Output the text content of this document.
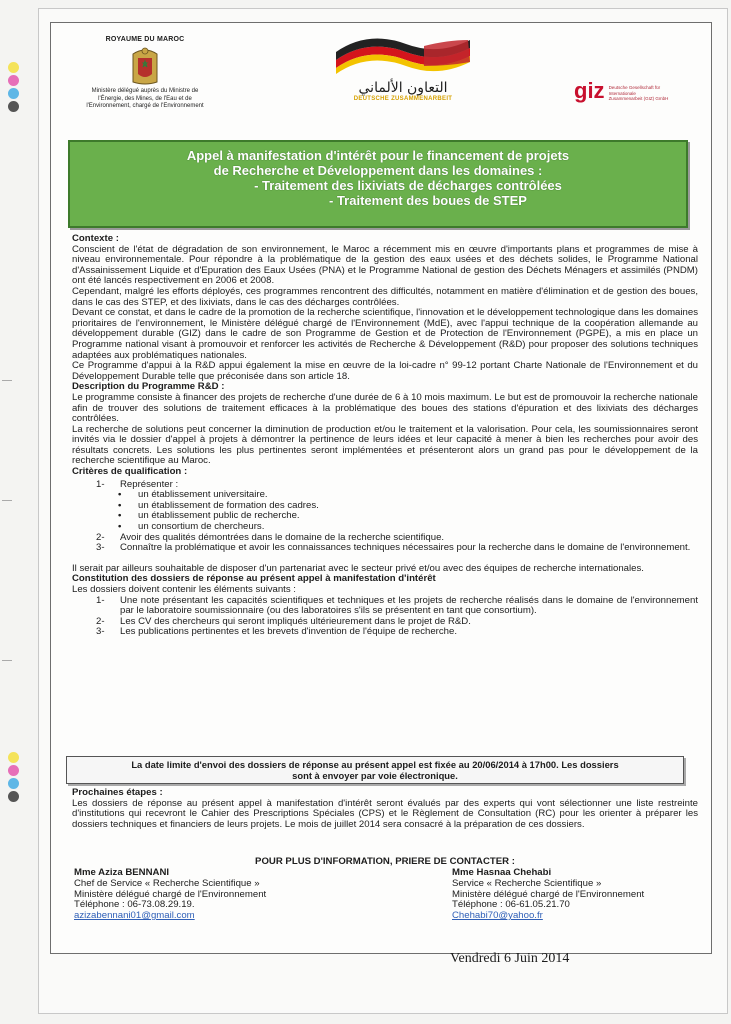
ROYAUME DU MAROC
Ministère délégué auprès du Ministre de l'Énergie, des Mines, de l'Eau et de l'Environnement, chargé de l'Environnement
التعاون الألماني
DEUTSCHE ZUSAMMENARBEIT	giz Deutsche Gesellschaft für Internationale Zusammenarbeit (GIZ) GmbH

Appel à manifestation d'intérêt pour le financement de projets

de Recherche et Développement dans les domaines :

- Traitement des lixiviats de décharges contrôlées

- Traitement des boues de STEP

Contexte :

Conscient de l'état de dégradation de son environnement, le Maroc a récemment mis en œuvre d'importants plans et programmes de mise à niveau environnementale. Pour répondre à la problématique de la gestion des eaux usées et des déchets solides, le Programme National d'Assainissement Liquide et d'Epuration des Eaux Usées (PNA) et le Programme National de gestion des Déchets Ménagers et assimilés (PNDM) ont été lancés respectivement en 2006 et 2008.

Cependant, malgré les efforts déployés, ces programmes rencontrent des difficultés, notamment en matière d'élimination et de gestion des boues, dans le cas des STEP, et des lixiviats, dans le cas des décharges contrôlées.

Devant ce constat, et dans le cadre de la promotion de la recherche scientifique, l'innovation et le développement technologique dans les domaines prioritaires de l'environnement, le Ministère délégué chargé de l'Environnement (MdE), avec l'appui technique de la coopération allemande au développement durable (GIZ) dans le cadre de son Programme de Gestion et de Protection de l'Environnement (PGPE), a mis en place un Programme national visant à promouvoir et renforcer les activités de Recherche & Développement (R&D) pour proposer des solutions techniques adaptées aux problématiques nationales.

Ce Programme d'appui à la R&D appui également la mise en œuvre de la loi-cadre n° 99-12 portant Charte Nationale de l'Environnement et du Développement Durable telle que préconisée dans son article 18.

Description du Programme R&D :

Le programme consiste à financer des projets de recherche d'une durée de 6 à 10 mois maximum. Le but est de promouvoir la recherche nationale afin de trouver des solutions de traitement efficaces à la problématique des boues des stations d'épuration et des lixiviats des décharges contrôlées.

La recherche de solutions peut concerner la diminution de production et/ou le traitement et la valorisation. Pour cela, les soumissionnaires seront invités via le dossier d'appel à projets à démontrer la pertinence de leurs idées et leur capacité à mener à bien les recherches pour avoir des résultats concrets. Les solutions les plus pertinentes seront implémentées et présenteront alors un grand pas pour le développement de la recherche scientifique au Maroc.

Critères de qualification :

1- Représenter :
• un établissement universitaire.
• un établissement de formation des cadres.
• un établissement public de recherche.
• un consortium de chercheurs.
2- Avoir des qualités démontrées dans le domaine de la recherche scientifique.
3- Connaître la problématique et avoir les connaissances techniques nécessaires pour la recherche dans le domaine de l'environnement.

Il serait par ailleurs souhaitable de disposer d'un partenariat avec le secteur privé et/ou avec des équipes de recherche internationales.

Constitution des dossiers de réponse au présent appel à manifestation d'intérêt

Les dossiers doivent contenir les éléments suivants :

1- Une note présentant les capacités scientifiques et techniques et les projets de recherche réalisés dans le domaine de l'environnement par le laboratoire soumissionnaire (ou des laboratoires s'ils se présentent en tant que consortium).
2- Les CV des chercheurs qui seront impliqués ultérieurement dans le projet de R&D.
3- Les publications pertinentes et les brevets d'invention de l'équipe de recherche.
La date limite d'envoi des dossiers de réponse au présent appel est fixée au 20/06/2014 à 17h00. Les dossiers
sont à envoyer par voie électronique.

Prochaines étapes :

Les dossiers de réponse au présent appel à manifestation d'intérêt seront évalués par des experts qui vont sélectionner une liste restreinte d'institutions qui recevront le Cahier des Prescriptions Spéciales (CPS) et le Règlement de Consultation (RC) pour les orienter à préparer les dossiers techniques et financiers de leurs projets. Le mois de juillet 2014 sera consacré à la préparation de ces dossiers.

POUR PLUS D'INFORMATION, PRIERE DE CONTACTER :
Mme Aziza BENNANI
Chef de Service « Recherche Scientifique »
Ministère délégué chargé de l'Environnement
Téléphone : 06-73.08.29.19.
azizabennani01@gmail.com
Mme Hasnaa Chehabi
Service « Recherche Scientifique »
Ministère délégué chargé de l'Environnement
Téléphone : 06-61.05.21.70
Chehabi70@yahoo.fr
Vendredi 6 Juin 2014
